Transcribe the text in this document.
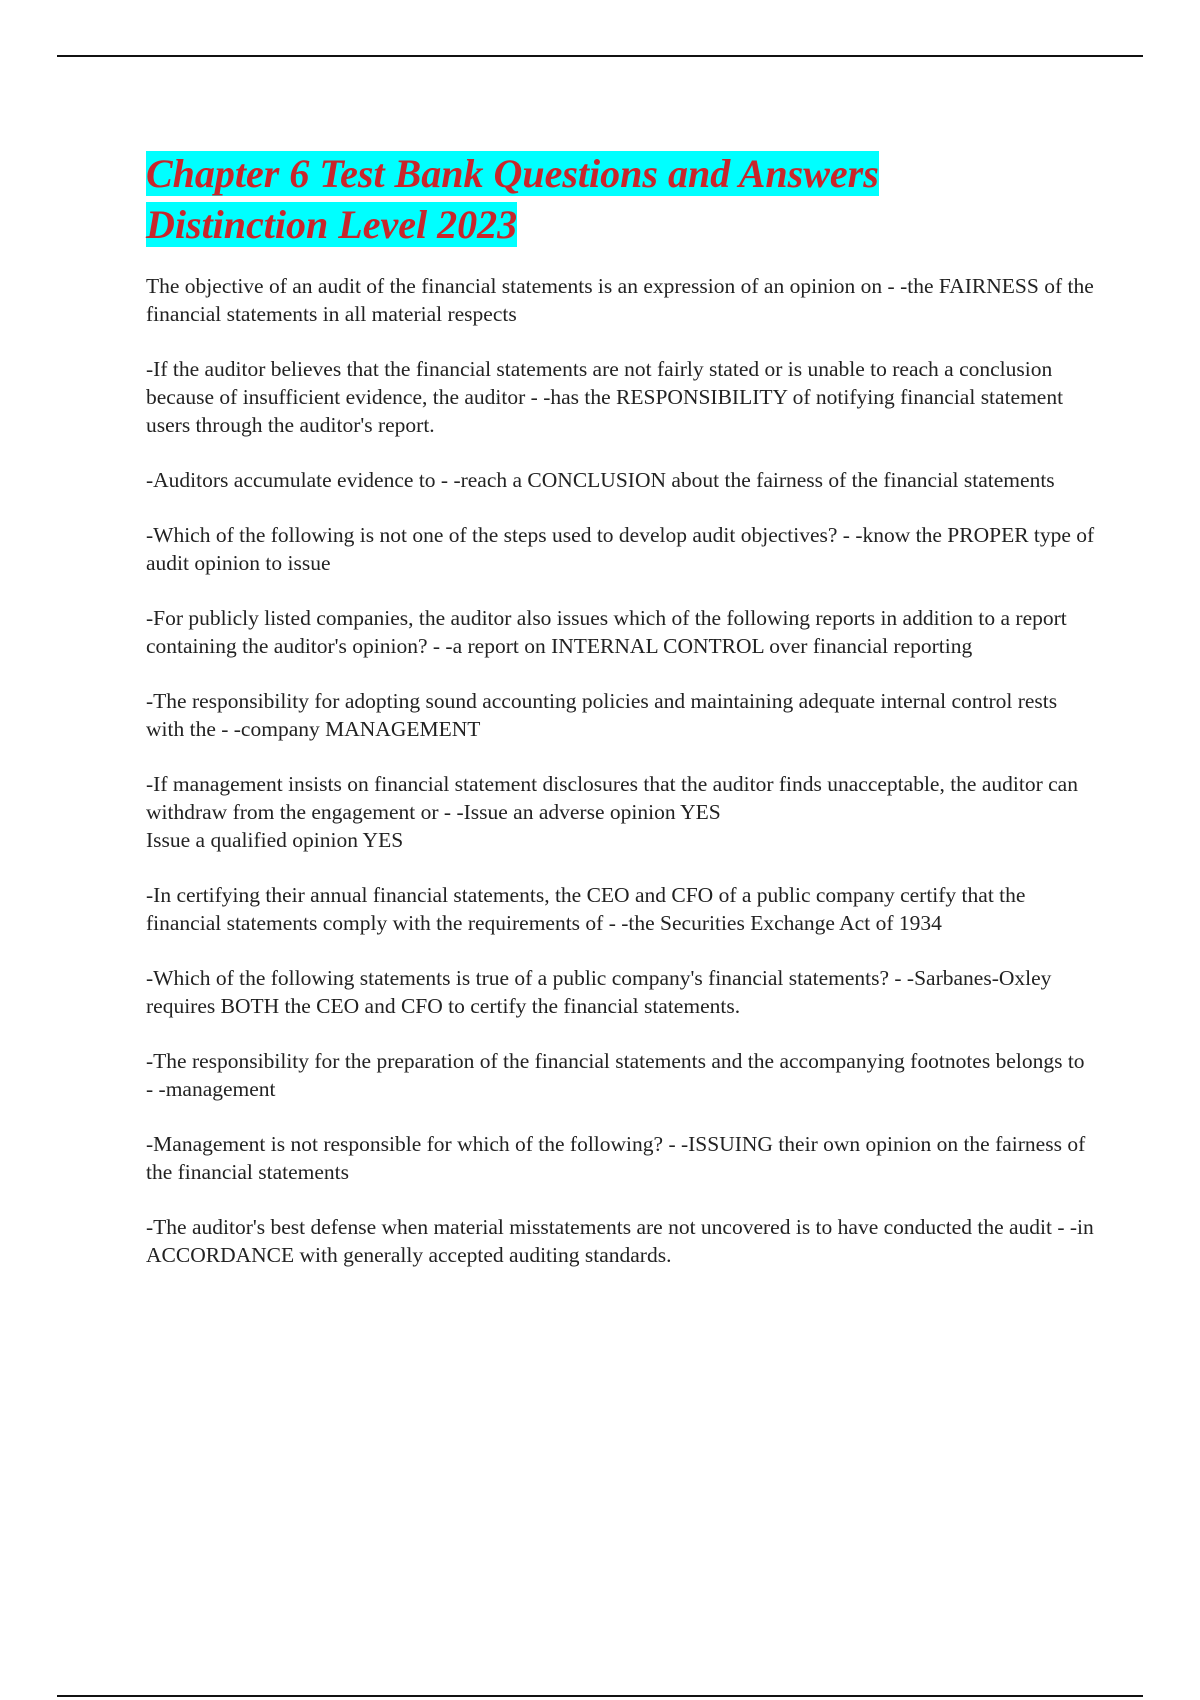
Chapter 6 Test Bank Questions and Answers
Distinction Level 2023

The objective of an audit of the financial statements is an expression of an opinion on - -the FAIRNESS of the financial statements in all material respects

-If the auditor believes that the financial statements are not fairly stated or is unable to reach a conclusion because of insufficient evidence, the auditor - -has the RESPONSIBILITY of notifying financial statement users through the auditor's report.

-Auditors accumulate evidence to - -reach a CONCLUSION about the fairness of the financial statements

-Which of the following is not one of the steps used to develop audit objectives? - -know the PROPER type of audit opinion to issue

-For publicly listed companies, the auditor also issues which of the following reports in addition to a report containing the auditor's opinion? - -a report on INTERNAL CONTROL over financial reporting

-The responsibility for adopting sound accounting policies and maintaining adequate internal control rests with the - -company MANAGEMENT

-If management insists on financial statement disclosures that the auditor finds unacceptable, the auditor can withdraw from the engagement or - -Issue an adverse opinion YES
Issue a qualified opinion YES

-In certifying their annual financial statements, the CEO and CFO of a public company certify that the financial statements comply with the requirements of - -the Securities Exchange Act of 1934

-Which of the following statements is true of a public company's financial statements? - -Sarbanes-Oxley requires BOTH the CEO and CFO to certify the financial statements.

-The responsibility for the preparation of the financial statements and the accompanying footnotes belongs to - -management

-Management is not responsible for which of the following? - -ISSUING their own opinion on the fairness of the financial statements

-The auditor's best defense when material misstatements are not uncovered is to have conducted the audit - -in ACCORDANCE with generally accepted auditing standards.
